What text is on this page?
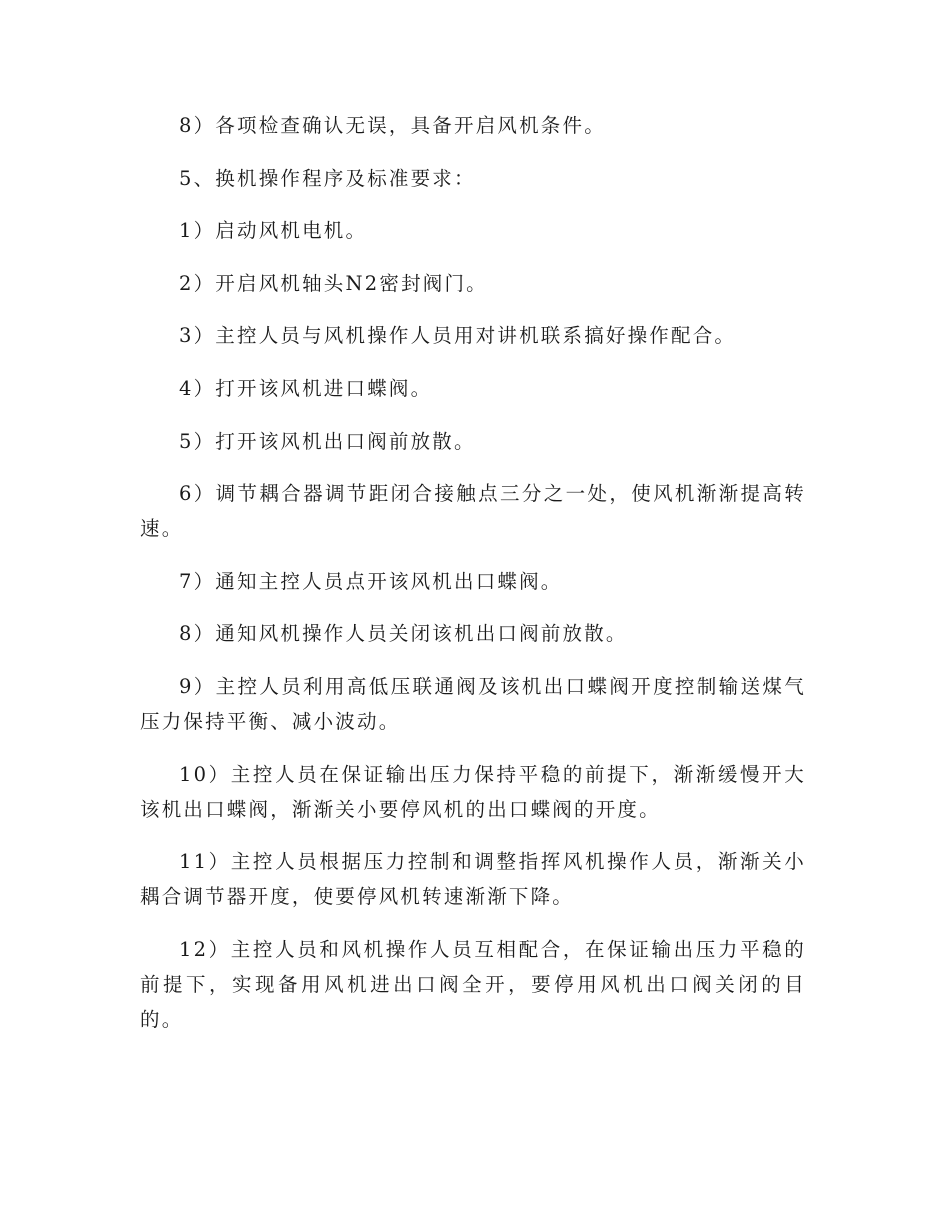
8）各项检查确认无误，具备开启风机条件。

5、换机操作程序及标准要求：

1）启动风机电机。

2）开启风机轴头N2密封阀门。

3）主控人员与风机操作人员用对讲机联系搞好操作配合。

4）打开该风机进口蝶阀。

5）打开该风机出口阀前放散。

6）调节耦合器调节距闭合接触点三分之一处，使风机渐渐提高转速。

7）通知主控人员点开该风机出口蝶阀。

8）通知风机操作人员关闭该机出口阀前放散。

9）主控人员利用高低压联通阀及该机出口蝶阀开度控制输送煤气压力保持平衡、减小波动。

10）主控人员在保证输出压力保持平稳的前提下，渐渐缓慢开大该机出口蝶阀，渐渐关小要停风机的出口蝶阀的开度。

11）主控人员根据压力控制和调整指挥风机操作人员，渐渐关小耦合调节器开度，使要停风机转速渐渐下降。

12）主控人员和风机操作人员互相配合，在保证输出压力平稳的前提下，实现备用风机进出口阀全开，要停用风机出口阀关闭的目的。
